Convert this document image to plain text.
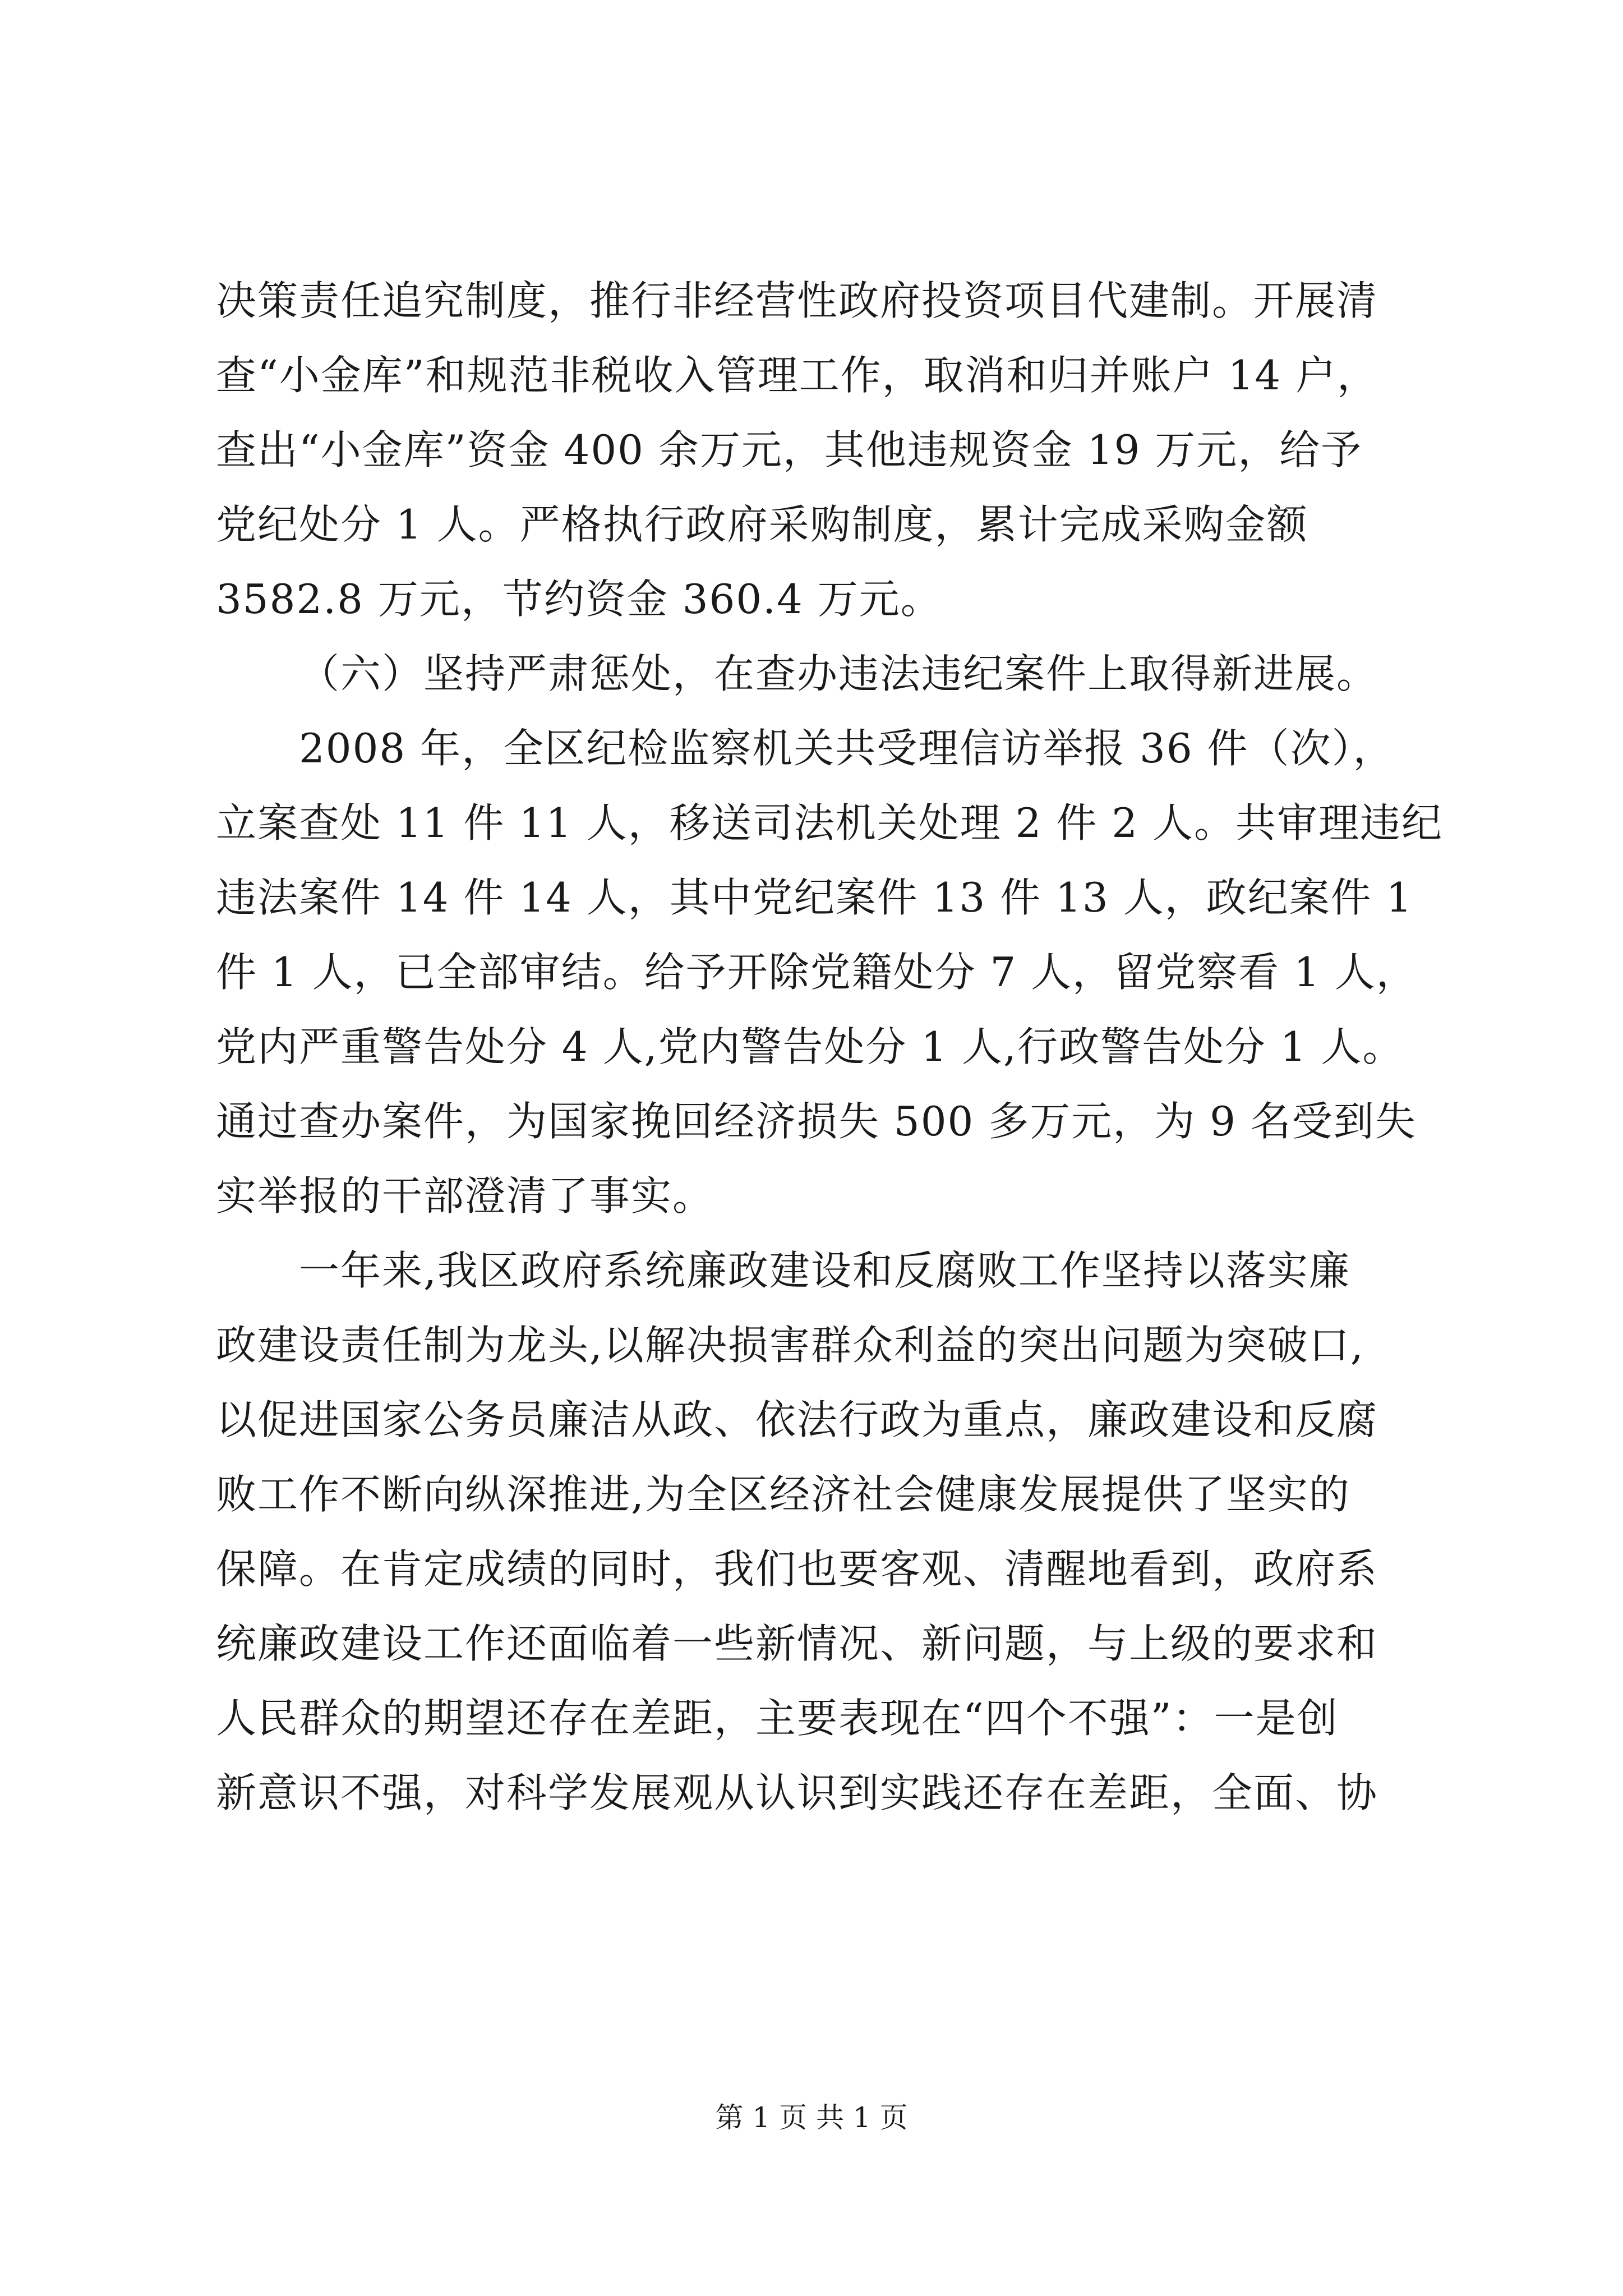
决策责任追究制度，推行非经营性政府投资项目代建制。开展清
查“小金库”和规范非税收入管理工作，取消和归并账户 14 户，
查出“小金库”资金 400 余万元，其他违规资金 19 万元，给予
党纪处分 1 人。严格执行政府采购制度，累计完成采购金额
3582.8 万元，节约资金 360.4 万元。
（六）坚持严肃惩处，在查办违法违纪案件上取得新进展。
2008 年，全区纪检监察机关共受理信访举报 36 件（次），
立案查处 11 件 11 人，移送司法机关处理 2 件 2 人。共审理违纪
违法案件 14 件 14 人，其中党纪案件 13 件 13 人，政纪案件 1
件 1 人，已全部审结。给予开除党籍处分 7 人，留党察看 1 人，
党内严重警告处分 4 人,党内警告处分 1 人,行政警告处分 1 人。
通过查办案件，为国家挽回经济损失 500 多万元，为 9 名受到失
实举报的干部澄清了事实。
一年来,我区政府系统廉政建设和反腐败工作坚持以落实廉
政建设责任制为龙头,以解决损害群众利益的突出问题为突破口,
以促进国家公务员廉洁从政、依法行政为重点，廉政建设和反腐
败工作不断向纵深推进,为全区经济社会健康发展提供了坚实的
保障。在肯定成绩的同时，我们也要客观、清醒地看到，政府系
统廉政建设工作还面临着一些新情况、新问题，与上级的要求和
人民群众的期望还存在差距，主要表现在“四个不强”：一是创
新意识不强，对科学发展观从认识到实践还存在差距，全面、协
第 1 页 共 1 页
